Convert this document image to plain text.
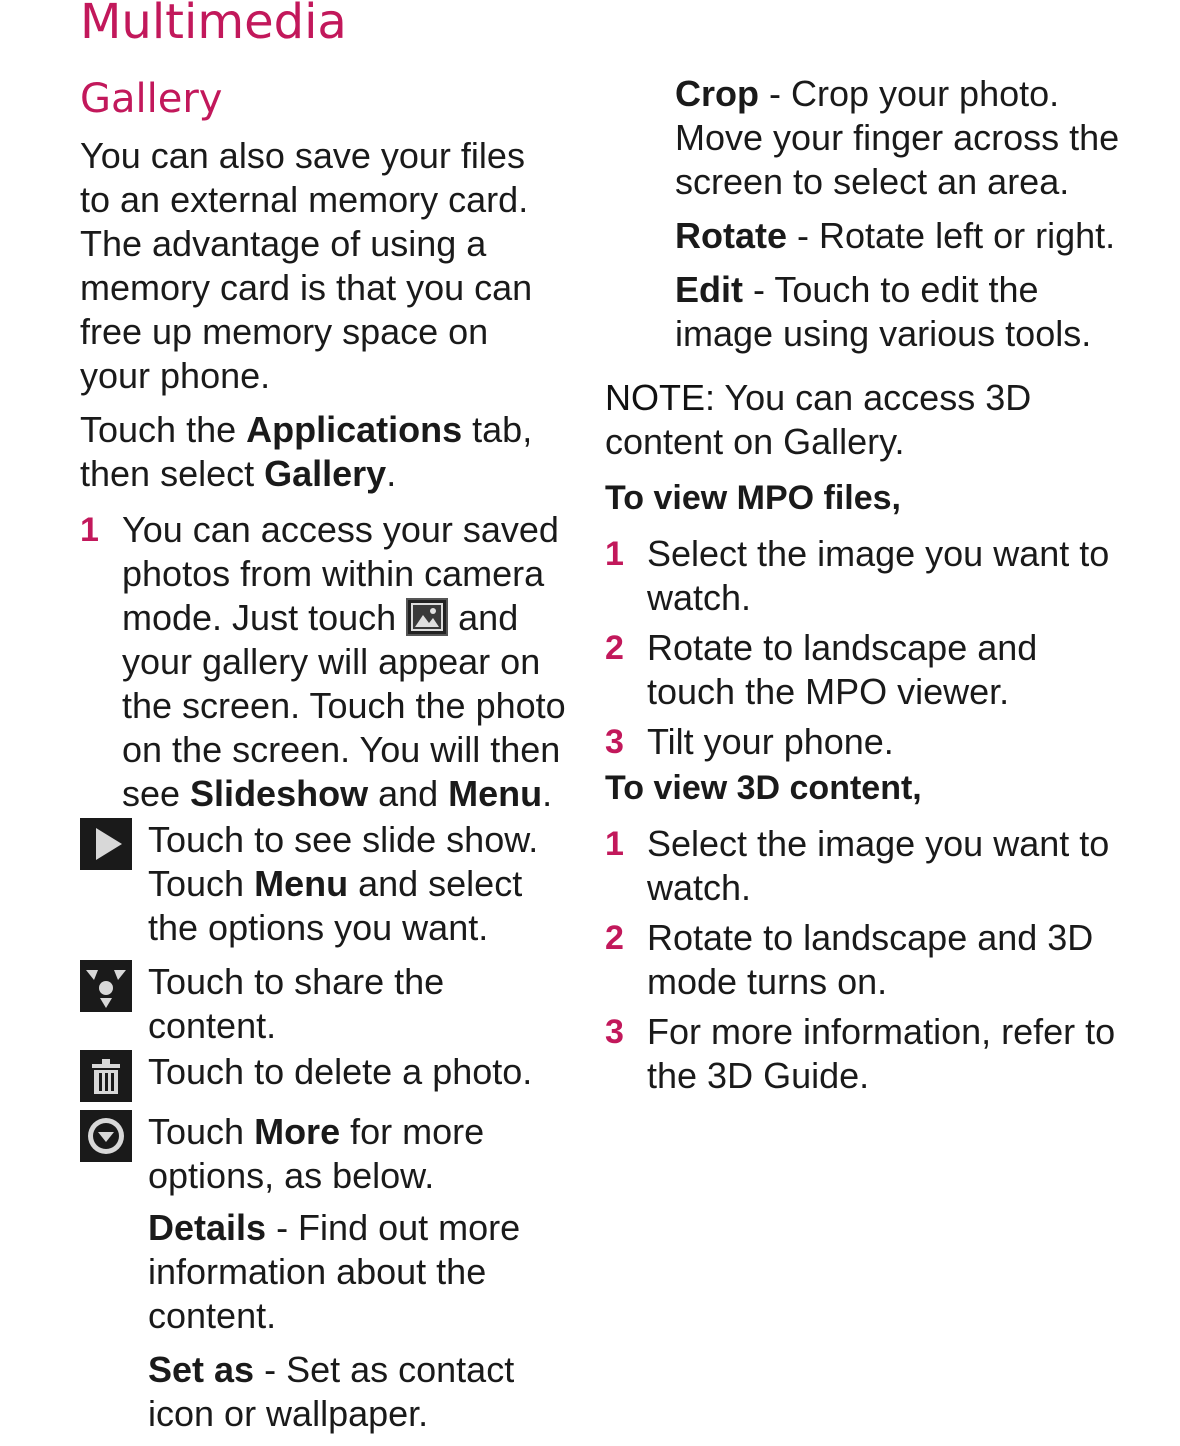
Multimedia
Gallery

You can also save your files to an external memory card. The advantage of using a memory card is that you can free up memory space on your phone.

Touch the Applications tab, then select Gallery.

1 You can access your saved photos from within camera mode. Just touch
and your gallery will appear on the screen. Touch the photo on the screen. You will then see Slideshow and Menu.
Touch to see slide show. Touch Menu and select the options you want.
Touch to share the content.
Touch to delete a photo.
Touch More for more options, as below.

Details - Find out more information about the content.

Set as - Set as contact icon or wallpaper.

Crop - Crop your photo. Move your finger across the screen to select an area.

Rotate - Rotate left or right.

Edit - Touch to edit the image using various tools.

NOTE: You can access 3D content on Gallery.

To view MPO files,
1 Select the image you want to watch.
2 Rotate to landscape and touch the MPO viewer.
3 Tilt your phone.
To view 3D content,
1 Select the image you want to watch.
2 Rotate to landscape and 3D mode turns on.
3 For more information, refer to the 3D Guide.
